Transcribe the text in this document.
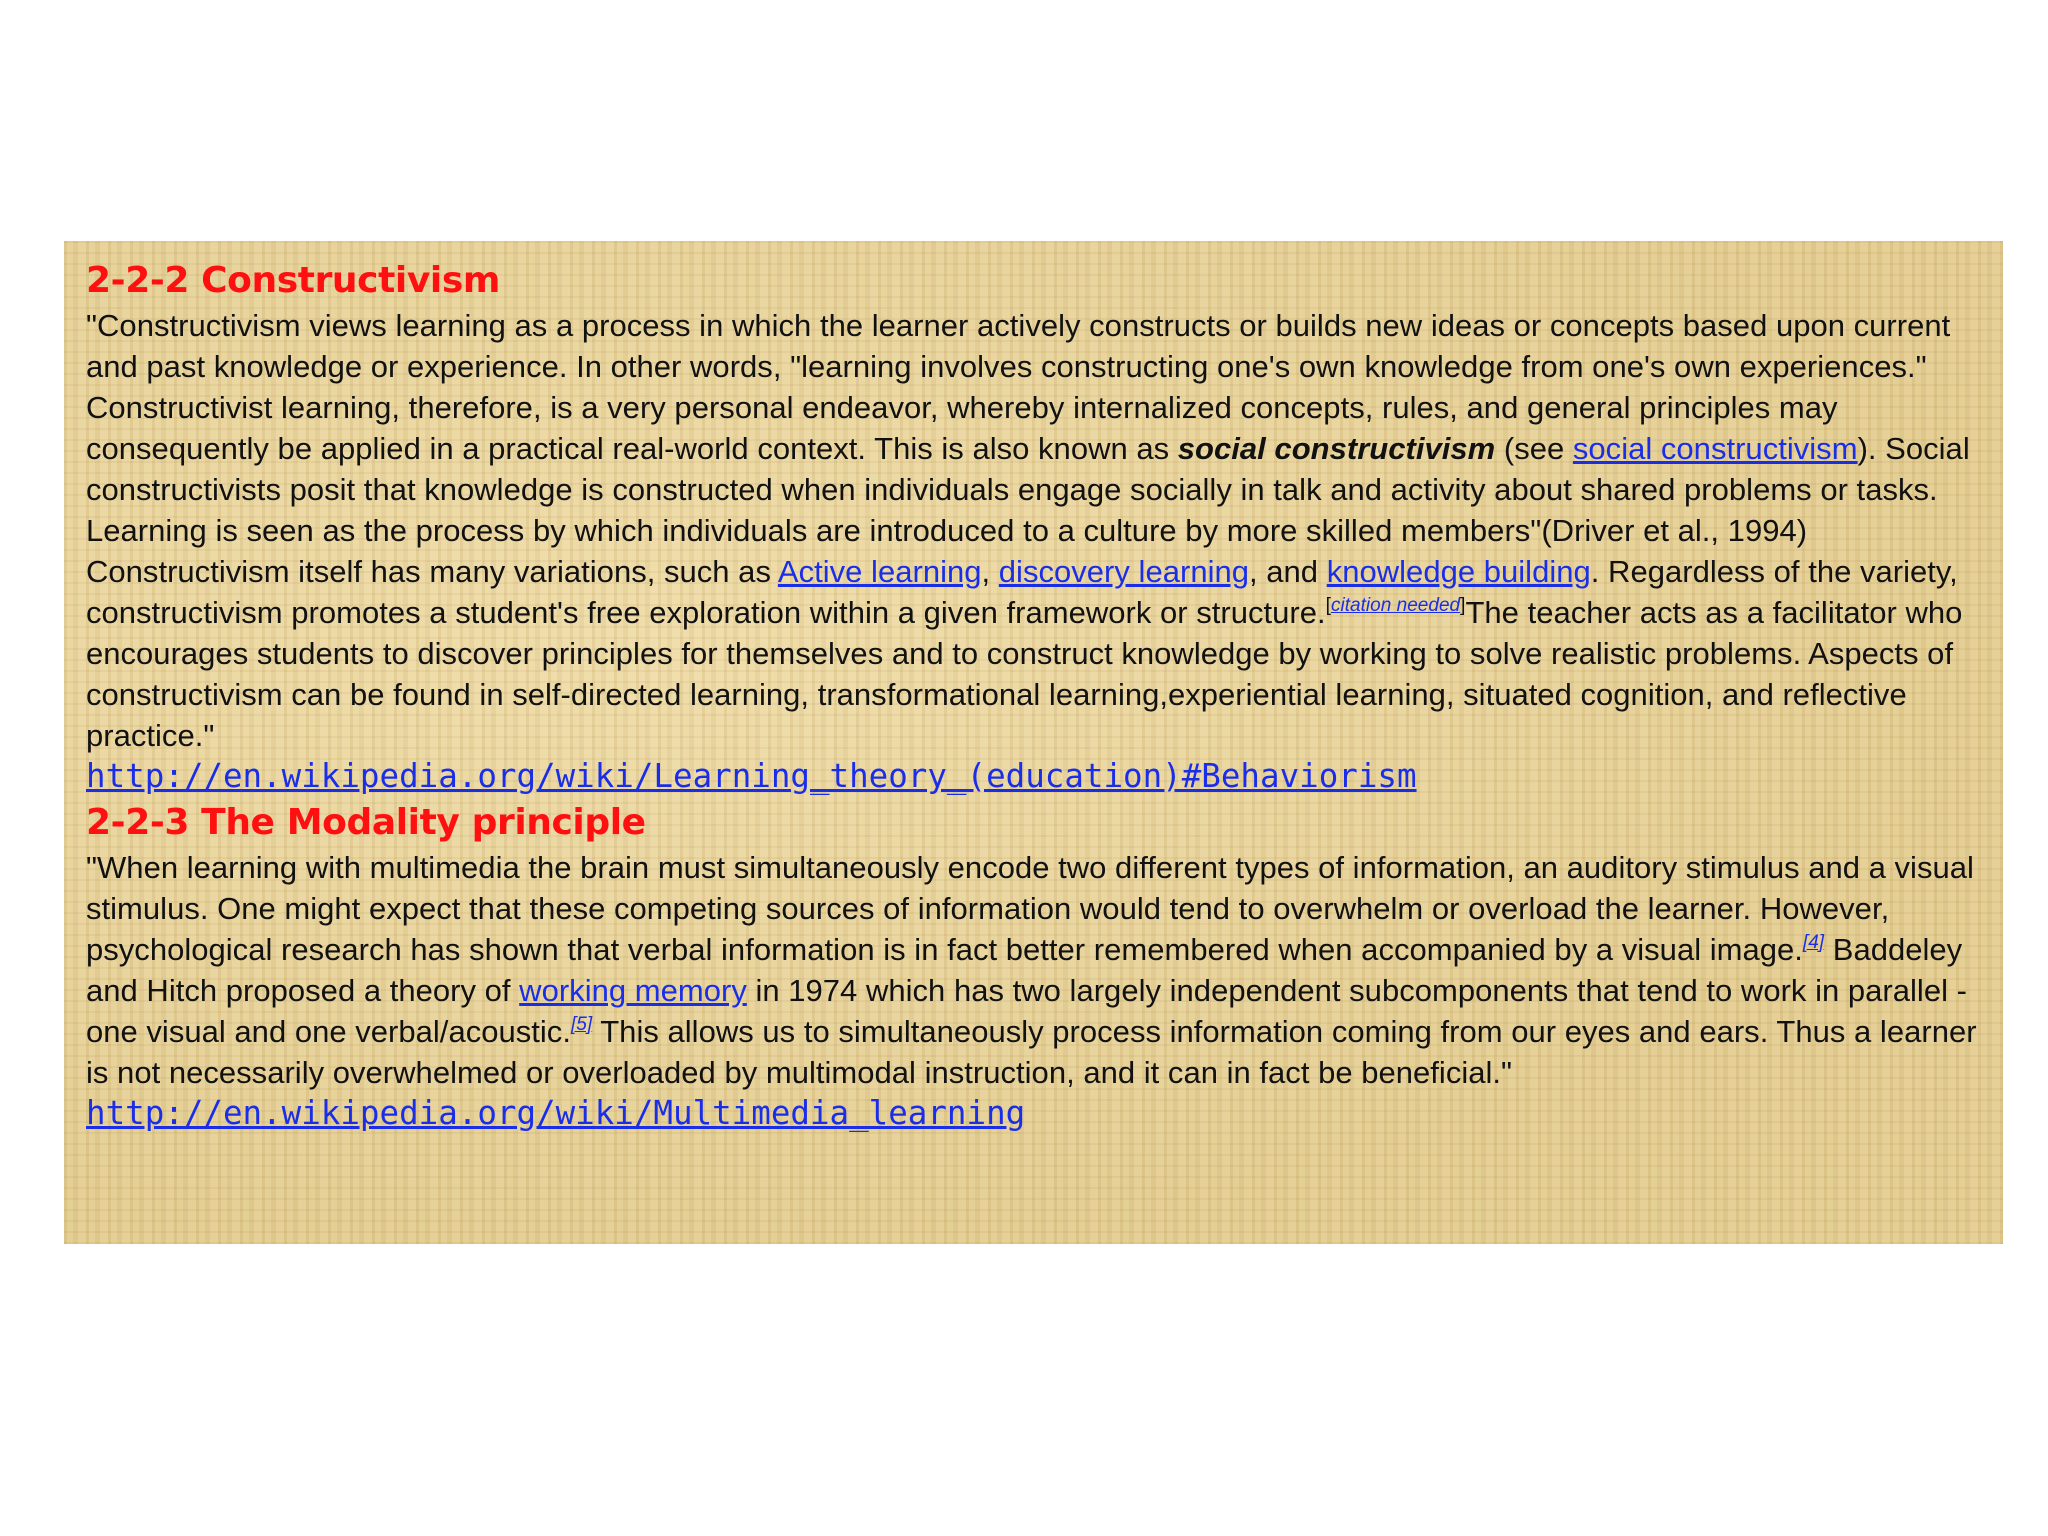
2-2-2 Constructivism

"Constructivism views learning as a process in which the learner actively constructs or builds new ideas or concepts based upon current and past knowledge or experience. In other words, "learning involves constructing one's own knowledge from one's own experiences." Constructivist learning, therefore, is a very personal endeavor, whereby internalized concepts, rules, and general principles may consequently be applied in a practical real-world context. This is also known as social constructivism (see social constructivism). Social constructivists posit that knowledge is constructed when individuals engage socially in talk and activity about shared problems or tasks. Learning is seen as the process by which individuals are introduced to a culture by more skilled members"(Driver et al., 1994) Constructivism itself has many variations, such as Active learning, discovery learning, and knowledge building. Regardless of the variety, constructivism promotes a student's free exploration within a given framework or structure.[citation needed]The teacher acts as a facilitator who encourages students to discover principles for themselves and to construct knowledge by working to solve realistic problems. Aspects of constructivism can be found in self-directed learning, transformational learning,experiential learning, situated cognition, and reflective practice."

http://en.wikipedia.org/wiki/Learning_theory_(education)#Behaviorism
2-2-3 The Modality principle

"When learning with multimedia the brain must simultaneously encode two different types of information, an auditory stimulus and a visual stimulus. One might expect that these competing sources of information would tend to overwhelm or overload the learner. However, psychological research has shown that verbal information is in fact better remembered when accompanied by a visual image.[4] Baddeley and Hitch proposed a theory of working memory in 1974 which has two largely independent subcomponents that tend to work in parallel - one visual and one verbal/acoustic.[5] This allows us to simultaneously process information coming from our eyes and ears. Thus a learner is not necessarily overwhelmed or overloaded by multimodal instruction, and it can in fact be beneficial."

http://en.wikipedia.org/wiki/Multimedia_learning
